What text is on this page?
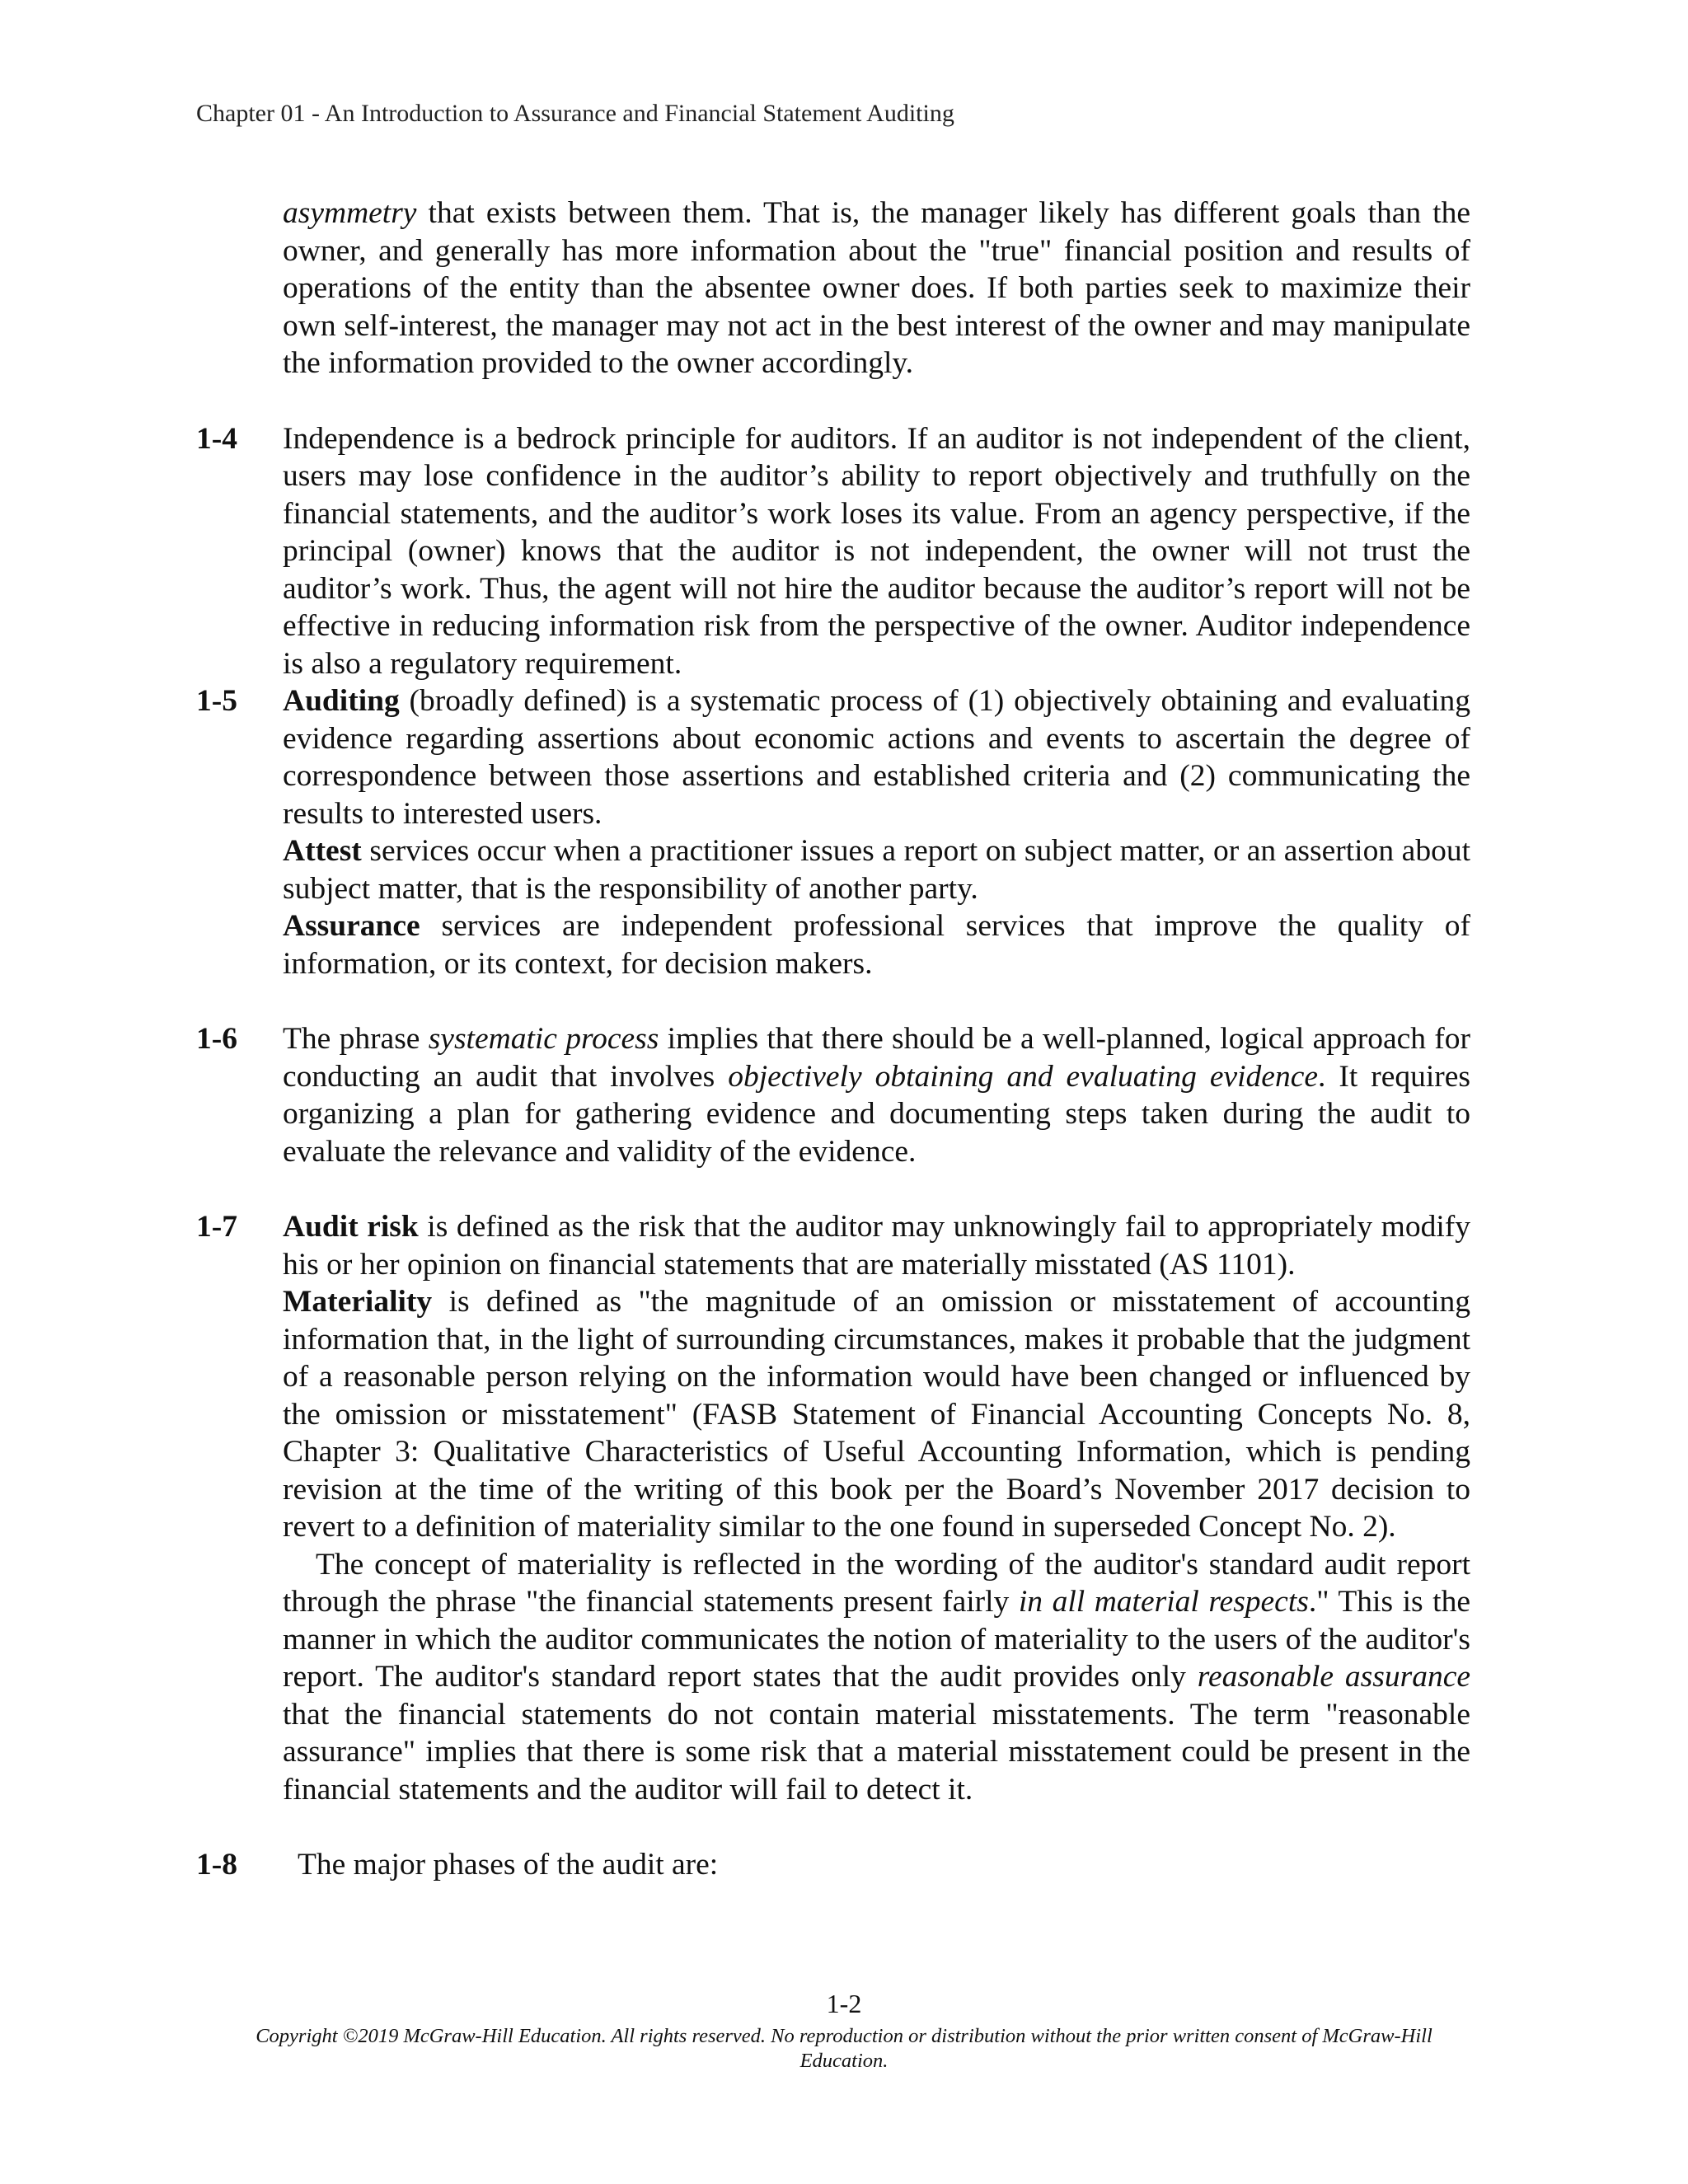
Chapter 01 - An Introduction to Assurance and Financial Statement Auditing

asymmetry that exists between them. That is, the manager likely has different goals than the owner, and generally has more information about the "true" financial position and results of operations of the entity than the absentee owner does. If both parties seek to maximize their own self-interest, the manager may not act in the best interest of the owner and may manipulate the information provided to the owner accordingly.

1-4	Independence is a bedrock principle for auditors. If an auditor is not independent of the client, users may lose confidence in the auditor’s ability to report objectively and truthfully on the financial statements, and the auditor’s work loses its value. From an agency perspective, if the principal (owner) knows that the auditor is not independent, the owner will not trust the auditor’s work. Thus, the agent will not hire the auditor because the auditor’s report will not be effective in reducing information risk from the perspective of the owner. Auditor independence is also a regulatory requirement.

1-5	Auditing (broadly defined) is a systematic process of (1) objectively obtaining and evaluating evidence regarding assertions about economic actions and events to ascertain the degree of correspondence between those assertions and established criteria and (2) communicating the results to interested users.

Attest services occur when a practitioner issues a report on subject matter, or an assertion about subject matter, that is the responsibility of another party.

Assurance services are independent professional services that improve the quality of information, or its context, for decision makers.

1-6	The phrase systematic process implies that there should be a well-planned, logical approach for conducting an audit that involves objectively obtaining and evaluating evidence. It requires organizing a plan for gathering evidence and documenting steps taken during the audit to evaluate the relevance and validity of the evidence.

1-7	Audit risk is defined as the risk that the auditor may unknowingly fail to appropriately modify his or her opinion on financial statements that are materially misstated (AS 1101).

Materiality is defined as "the magnitude of an omission or misstatement of accounting information that, in the light of surrounding circumstances, makes it probable that the judgment of a reasonable person relying on the information would have been changed or influenced by the omission or misstatement" (FASB Statement of Financial Accounting Concepts No. 8, Chapter 3: Qualitative Characteristics of Useful Accounting Information, which is pending revision at the time of the writing of this book per the Board’s November 2017 decision to revert to a definition of materiality similar to the one found in superseded Concept No. 2).

The concept of materiality is reflected in the wording of the auditor's standard audit report through the phrase "the financial statements present fairly in all material respects." This is the manner in which the auditor communicates the notion of materiality to the users of the auditor's report. The auditor's standard report states that the audit provides only reasonable assurance that the financial statements do not contain material misstatements. The term "reasonable assurance" implies that there is some risk that a material misstatement could be present in the financial statements and the auditor will fail to detect it.

1-8	The major phases of the audit are:

1-2
Copyright ©2019 McGraw-Hill Education. All rights reserved. No reproduction or distribution without the prior written consent of McGraw-Hill Education.
